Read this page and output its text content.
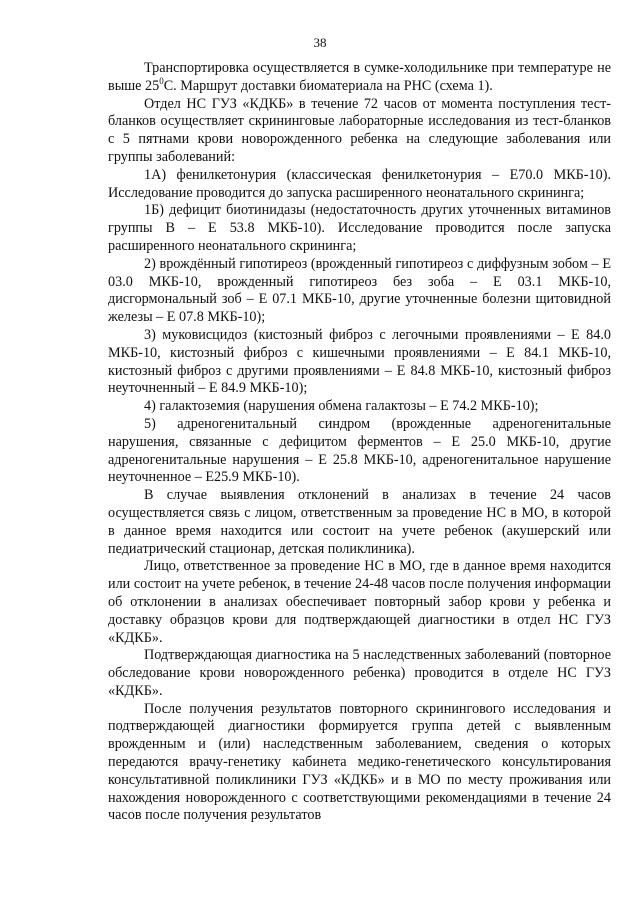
38

Транспортировка осуществляется в сумке-холодильнике при температуре не выше $25^0С$. Маршрут доставки биоматериала на РНС (схема 1).

Отдел НС ГУЗ «КДКБ» в течение 72 часов от момента поступления тест-бланков осуществляет скрининговые лабораторные исследования из тест-бланков с 5 пятнами крови новорожденного ребенка на следующие заболевания или группы заболеваний:

1А) фенилкетонурия (классическая фенилкетонурия – Е70.0 МКБ-10). Исследование проводится до запуска расширенного неонатального скрининга;

1Б) дефицит биотинидазы (недостаточность других уточненных витаминов группы В – Е 53.8 МКБ-10). Исследование проводится после запуска расширенного неонатального скрининга;

2) врождённый гипотиреоз (врожденный гипотиреоз с диффузным зобом – Е 03.0 МКБ-10, врожденный гипотиреоз без зоба – Е 03.1 МКБ-10, дисгормональный зоб – Е 07.1 МКБ-10, другие уточненные болезни щитовидной железы – Е 07.8 МКБ-10);

3) муковисцидоз (кистозный фиброз с легочными проявлениями – Е 84.0 МКБ-10, кистозный фиброз с кишечными проявлениями – Е 84.1 МКБ-10, кистозный фиброз с другими проявлениями – Е 84.8 МКБ-10, кистозный фиброз неуточненный – Е 84.9 МКБ-10);

4) галактоземия (нарушения обмена галактозы – Е 74.2 МКБ-10);

5) адреногенитальный синдром (врожденные адреногенитальные нарушения, связанные с дефицитом ферментов – Е 25.0 МКБ-10, другие адреногенитальные нарушения – Е 25.8 МКБ-10, адреногенитальное нарушение неуточненное – Е25.9 МКБ-10).

В случае выявления отклонений в анализах в течение 24 часов осуществляется связь с лицом, ответственным за проведение НС в МО, в которой в данное время находится или состоит на учете ребенок (акушерский или педиатрический стационар, детская поликлиника).

Лицо, ответственное за проведение НС в МО, где в данное время находится или состоит на учете ребенок, в течение 24-48 часов после получения информации об отклонении в анализах обеспечивает повторный забор крови у ребенка и доставку образцов крови для подтверждающей диагностики в отдел НС ГУЗ «КДКБ».

Подтверждающая диагностика на 5 наследственных заболеваний (повторное обследование крови новорожденного ребенка) проводится в отделе НС ГУЗ «КДКБ».

После получения результатов повторного скринингового исследования и подтверждающей диагностики формируется группа детей с выявленным врожденным и (или) наследственным заболеванием, сведения о которых передаются врачу-генетику кабинета медико-генетического консультирования консультативной поликлиники ГУЗ «КДКБ» и в МО по месту проживания или нахождения новорожденного с соответствующими рекомендациями в течение 24 часов после получения результатов
